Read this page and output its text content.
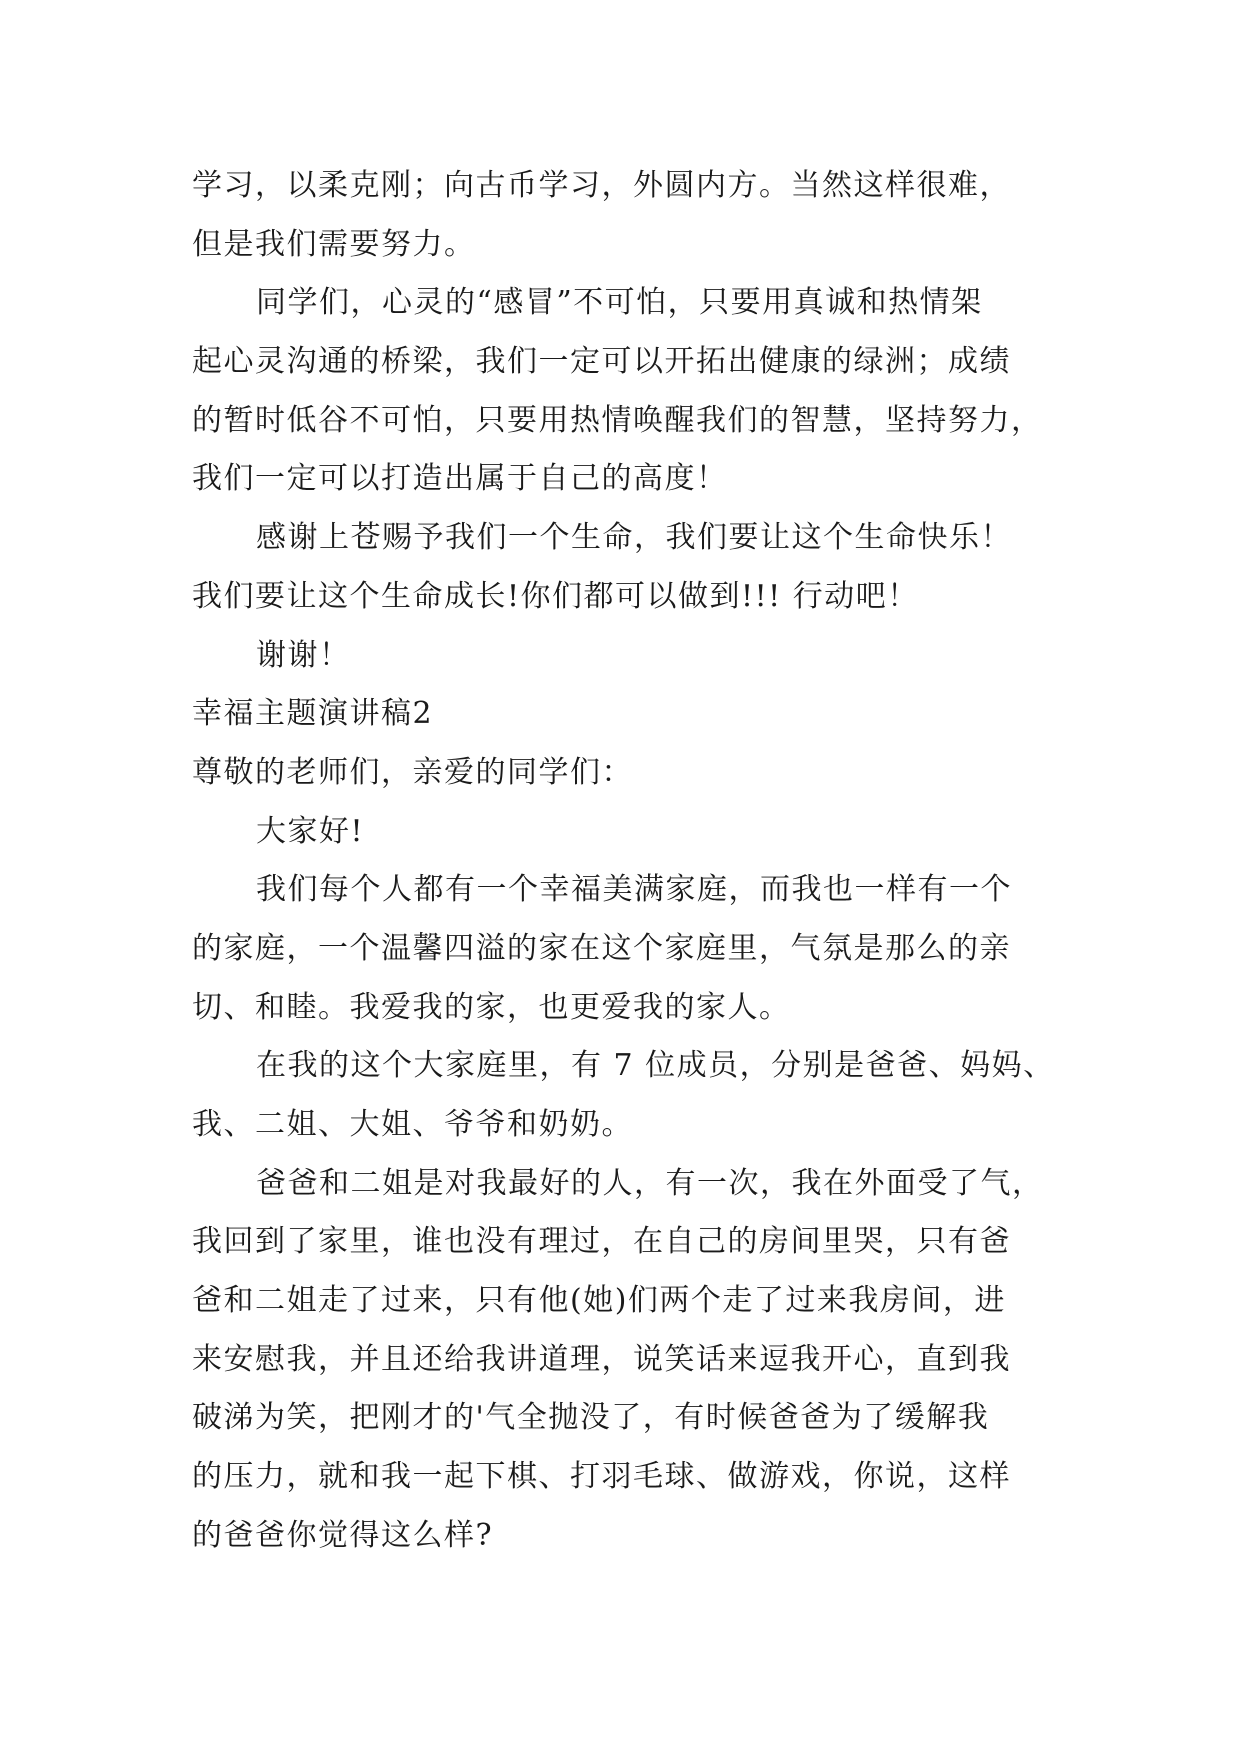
学习，以柔克刚；向古币学习，外圆内方。当然这样很难，
但是我们需要努力。
同学们，心灵的“感冒”不可怕，只要用真诚和热情架
起心灵沟通的桥梁，我们一定可以开拓出健康的绿洲；成绩
的暂时低谷不可怕，只要用热情唤醒我们的智慧，坚持努力，
我们一定可以打造出属于自己的高度！
感谢上苍赐予我们一个生命，我们要让这个生命快乐！
我们要让这个生命成长!你们都可以做到!!! 行动吧！
谢谢！
幸福主题演讲稿2
尊敬的老师们，亲爱的同学们：
大家好!
我们每个人都有一个幸福美满家庭，而我也一样有一个
的家庭，一个温馨四溢的家在这个家庭里，气氛是那么的亲
切、和睦。我爱我的家，也更爱我的家人。
在我的这个大家庭里，有 7 位成员，分别是爸爸、妈妈、
我、二姐、大姐、爷爷和奶奶。
爸爸和二姐是对我最好的人，有一次，我在外面受了气，
我回到了家里，谁也没有理过，在自己的房间里哭，只有爸
爸和二姐走了过来，只有他(她)们两个走了过来我房间，进
来安慰我，并且还给我讲道理，说笑话来逗我开心，直到我
破涕为笑，把刚才的'气全抛没了，有时候爸爸为了缓解我
的压力，就和我一起下棋、打羽毛球、做游戏，你说，这样
的爸爸你觉得这么样?
